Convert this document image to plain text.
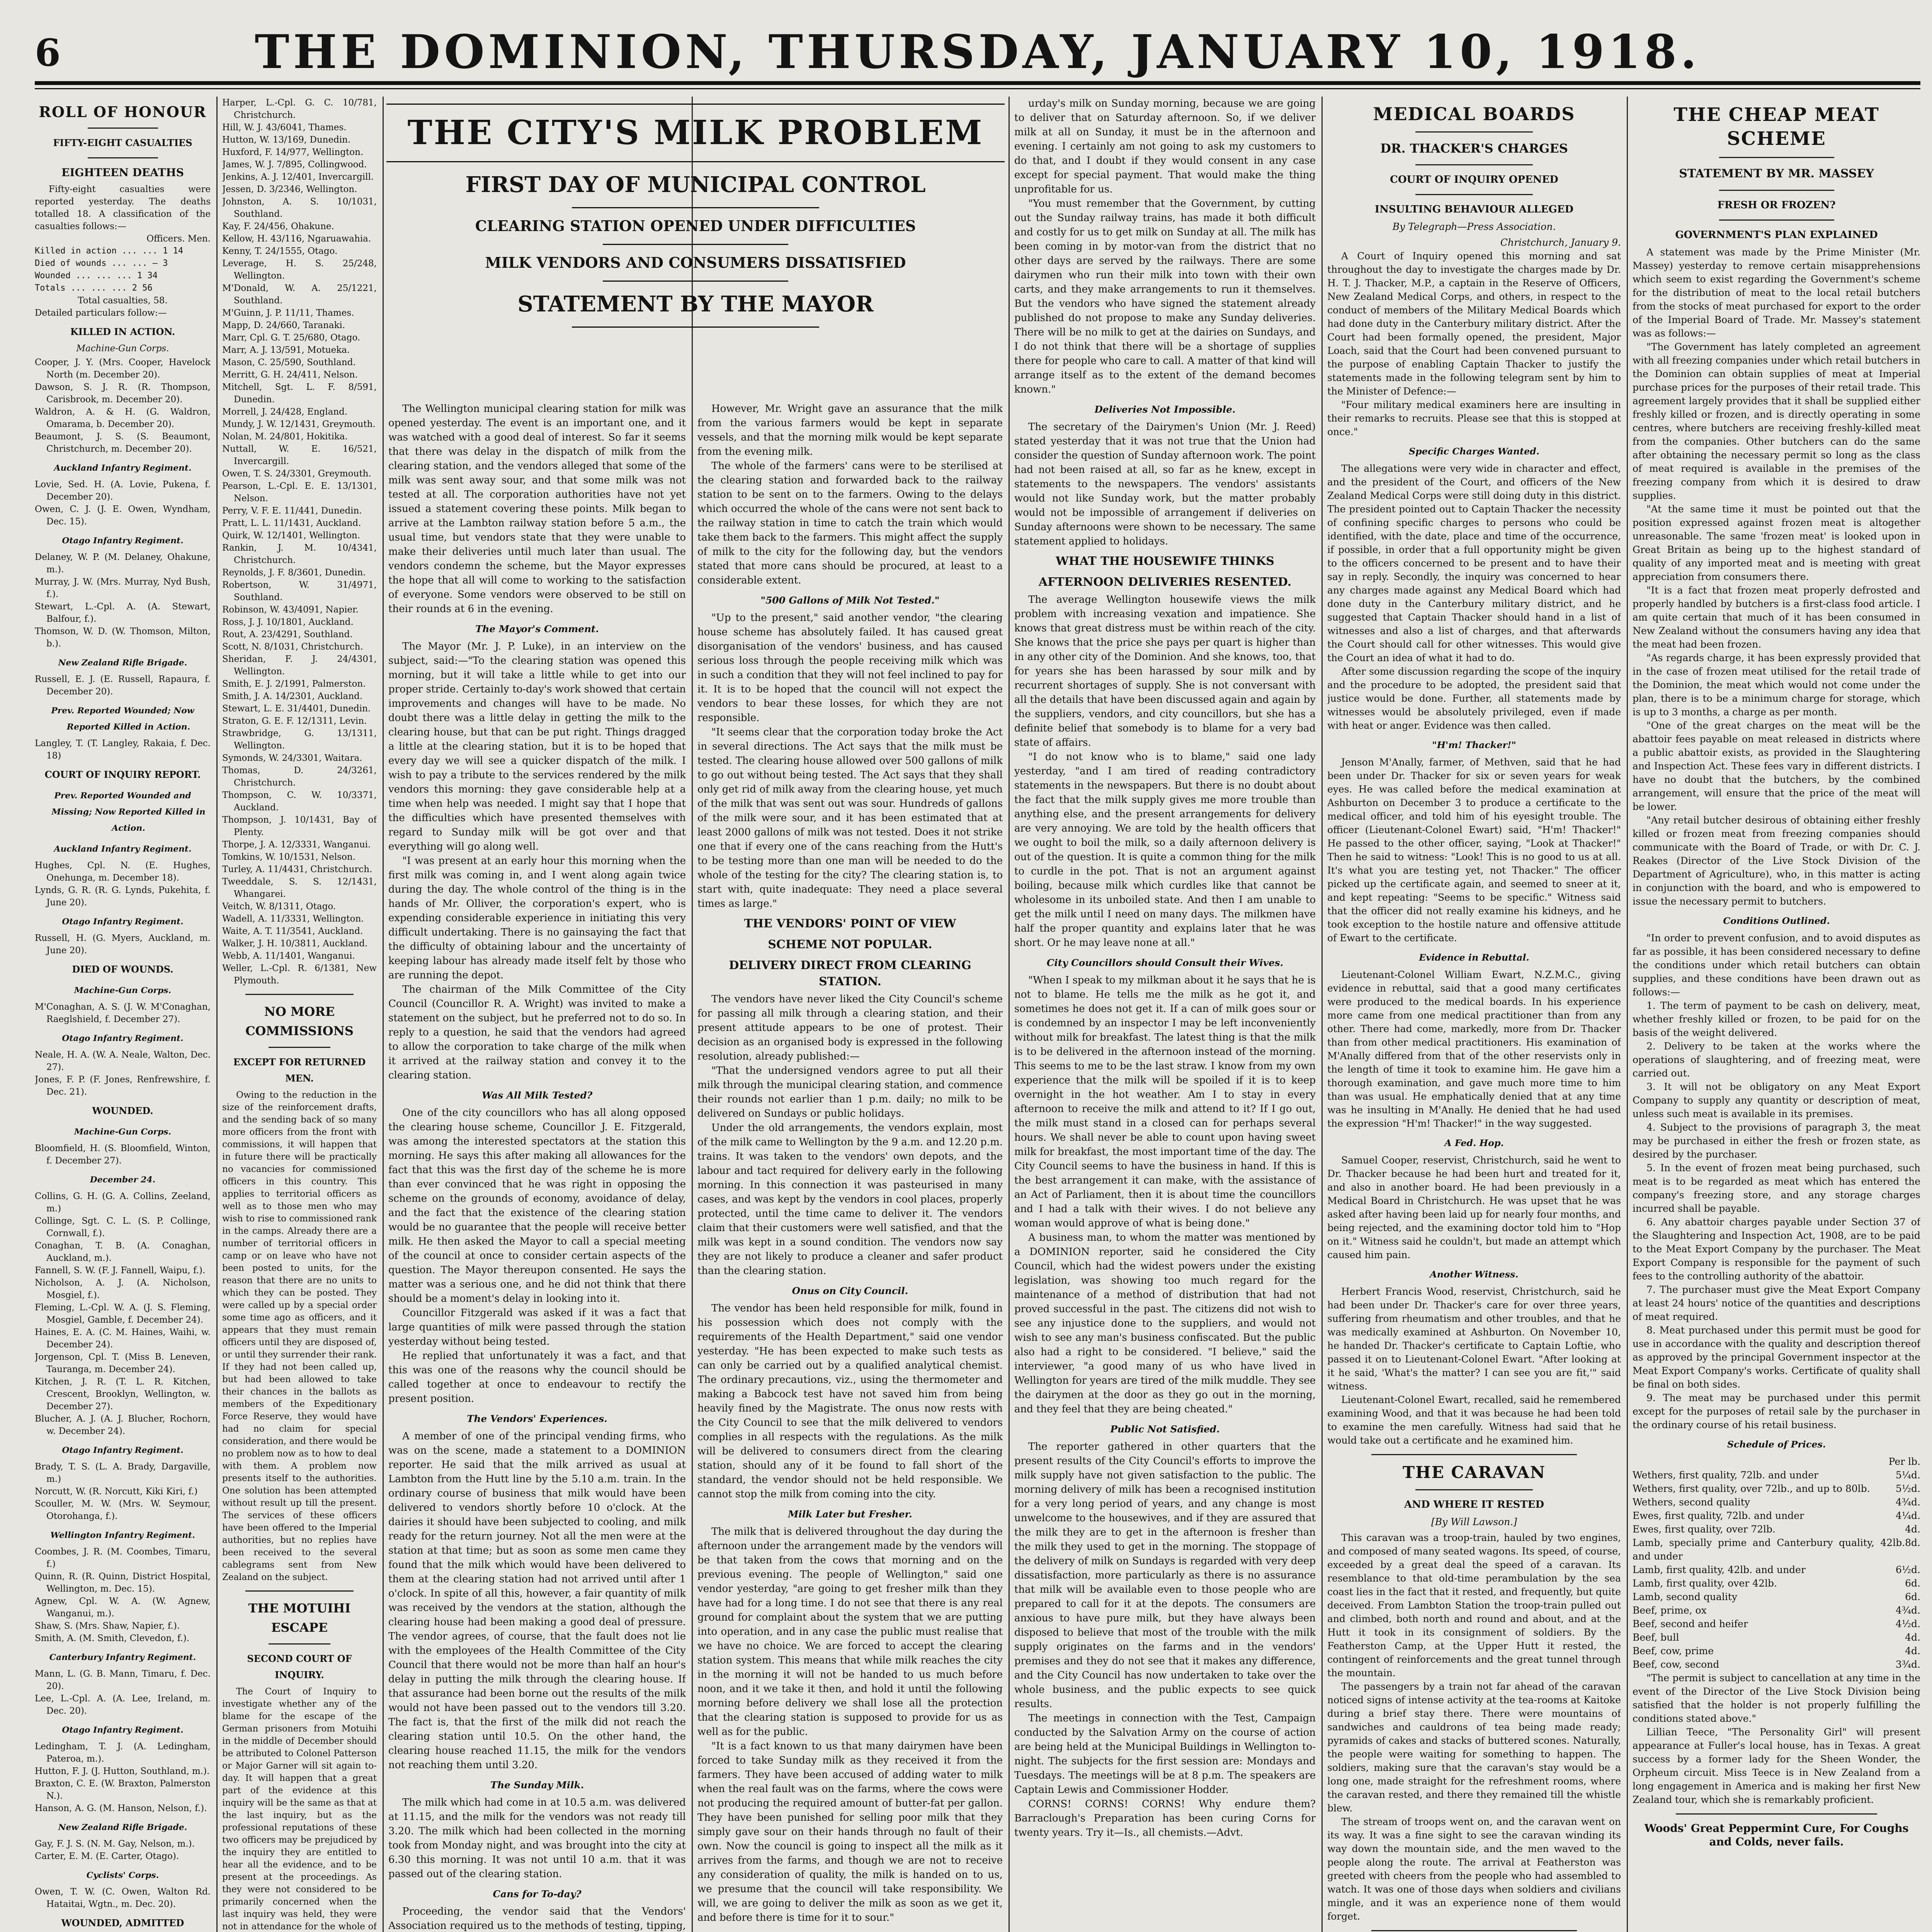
6	THE DOMINION, THURSDAY, JANUARY 10, 1918.
ROLL OF HONOUR
FIFTY-EIGHT CASUALTIES
EIGHTEEN DEATHS
Fifty-eight casualties were reported yesterday. The deaths totalled 18. A classification of the casualties follows:—
Officers. Men.
Killed in action ... ... 1 14
Died of wounds ... ... — 3
Wounded ... ... ... 1 34
Totals ... ... ... 2 56
Total casualties, 58.
Detailed particulars follow:—
KILLED IN ACTION.
Machine-Gun Corps.
Cooper, J. Y. (Mrs. Cooper, Havelock North (m. December 20).
Dawson, S. J. R. (R. Thompson, Carisbrook, m. December 20).
Waldron, A. & H. (G. Waldron, Omarama, b. December 20).
Beaumont, J. S. (S. Beaumont, Christchurch, m. December 20).
Auckland Infantry Regiment.
Lovie, Sed. H. (A. Lovie, Pukena, f. December 20).
Owen, C. J. (J. E. Owen, Wyndham, Dec. 15).
Otago Infantry Regiment.
Delaney, W. P. (M. Delaney, Ohakune, m.).
Murray, J. W. (Mrs. Murray, Nyd Bush, f.).
Stewart, L.-Cpl. A. (A. Stewart, Balfour, f.).
Thomson, W. D. (W. Thomson, Milton, b.).
New Zealand Rifle Brigade.
Russell, E. J. (E. Russell, Rapaura, f. December 20).
Prev. Reported Wounded; Now Reported Killed in Action.
Langley, T. (T. Langley, Rakaia, f. Dec. 18)
COURT OF INQUIRY REPORT.
Prev. Reported Wounded and Missing; Now Reported Killed in Action.
Auckland Infantry Regiment.
Hughes, Cpl. N. (E. Hughes, Onehunga, m. December 18).
Lynds, G. R. (R. G. Lynds, Pukehita, f. June 20).
Otago Infantry Regiment.
Russell, H. (G. Myers, Auckland, m. June 20).
DIED OF WOUNDS.
Machine-Gun Corps.
M'Conaghan, A. S. (J. W. M'Conaghan, Raeglshield, f. December 27).
Otago Infantry Regiment.
Neale, H. A. (W. A. Neale, Walton, Dec. 27).
Jones, F. P. (F. Jones, Renfrewshire, f. Dec. 21).
WOUNDED.
Machine-Gun Corps.
Bloomfield, H. (S. Bloomfield, Winton, f. December 27).
December 24.
Collins, G. H. (G. A. Collins, Zeeland, m.)
Collinge, Sgt. C. L. (S. P. Collinge, Cornwall, f.).
Conaghan, T. B. (A. Conaghan, Auckland, m.).
Fannell, S. W. (F. J. Fannell, Waipu, f.).
Nicholson, A. J. (A. Nicholson, Mosgiel, f.).
Fleming, L.-Cpl. W. A. (J. S. Fleming, Mosgiel, Gamble, f. December 24).
Haines, E. A. (C. M. Haines, Waihi, w. December 24).
Jorgenson, Cpl. T. (Miss B. Leneven, Tauranga, m. December 24).
Kitchen, J. R. (T. L. R. Kitchen, Crescent, Brooklyn, Wellington, w. December 27).
Blucher, A. J. (A. J. Blucher, Rochorn, w. December 24).
Otago Infantry Regiment.
Brady, T. S. (L. A. Brady, Dargaville, m.)
Norcutt, W. (R. Norcutt, Kiki Kiri, f.)
Scouller, M. W. (Mrs. W. Seymour, Otorohanga, f.).
Wellington Infantry Regiment.
Coombes, J. R. (M. Coombes, Timaru, f.)
Quinn, R. (R. Quinn, District Hospital, Wellington, m. Dec. 15).
Agnew, Cpl. W. A. (W. Agnew, Wanganui, m.).
Shaw, S. (Mrs. Shaw, Napier, f.).
Smith, A. (M. Smith, Clevedon, f.).
Canterbury Infantry Regiment.
Mann, L. (G. B. Mann, Timaru, f. Dec. 20).
Lee, L.-Cpl. A. (A. Lee, Ireland, m. Dec. 20).
Otago Infantry Regiment.
Ledingham, T. J. (A. Ledingham, Pateroa, m.).
Hutton, F. J. (J. Hutton, Southland, m.).
Braxton, C. E. (W. Braxton, Palmerston N.).
Hanson, A. G. (M. Hanson, Nelson, f.).
New Zealand Rifle Brigade.
Gay, F. J. S. (N. M. Gay, Nelson, m.).
Carter, E. M. (E. Carter, Otago).
Cyclists' Corps.
Owen, T. W. (C. Owen, Walton Rd. Hataitai, Wgtn., m. Dec. 20).
WOUNDED, ADMITTED
Harper, L.-Cpl. G. C. 10/781, Christchurch.
Hill, W. J. 43/6041, Thames.
Hutton, W. 13/169, Dunedin.
Huxford, F. 14/977, Wellington.
James, W. J. 7/895, Collingwood.
Jenkins, A. J. 12/401, Invercargill.
Jessen, D. 3/2346, Wellington.
Johnston, A. S. 10/1031, Southland.
Kay, F. 24/456, Ohakune.
Kellow, H. 43/116, Ngaruawahia.
Kenny, T. 24/1555, Otago.
Leverage, H. S. 25/248, Wellington.
M'Donald, W. A. 25/1221, Southland.
M'Guinn, J. P. 11/11, Thames.
Mapp, D. 24/660, Taranaki.
Marr, Cpl. G. T. 25/680, Otago.
Marr, A. J. 13/591, Motueka.
Mason, C. 25/590, Southland.
Merritt, G. H. 24/411, Nelson.
Mitchell, Sgt. L. F. 8/591, Dunedin.
Morrell, J. 24/428, England.
Mundy, J. W. 12/1431, Greymouth.
Nolan, M. 24/801, Hokitika.
Nuttall, W. E. 16/521, Invercargill.
Owen, T. S. 24/3301, Greymouth.
Pearson, L.-Cpl. E. E. 13/1301, Nelson.
Perry, V. F. E. 11/441, Dunedin.
Pratt, L. L. 11/1431, Auckland.
Quirk, W. 12/1401, Wellington.
Rankin, J. M. 10/4341, Christchurch.
Reynolds, J. F. 8/3601, Dunedin.
Robertson, W. 31/4971, Southland.
Robinson, W. 43/4091, Napier.
Ross, J. J. 10/1801, Auckland.
Rout, A. 23/4291, Southland.
Scott, N. 8/1031, Christchurch.
Sheridan, F. J. 24/4301, Wellington.
Smith, E. J. 2/1991, Palmerston.
Smith, J. A. 14/2301, Auckland.
Stewart, L. E. 31/4401, Dunedin.
Straton, G. E. F. 12/1311, Levin.
Strawbridge, G. 13/1311, Wellington.
Symonds, W. 24/3301, Waitara.
Thomas, D. 24/3261, Christchurch.
Thompson, C. W. 10/3371, Auckland.
Thompson, J. 10/1431, Bay of Plenty.
Thorpe, J. A. 12/3331, Wanganui.
Tomkins, W. 10/1531, Nelson.
Turley, A. 11/4431, Christchurch.
Tweeddale, S. S. 12/1431, Whangarei.
Veitch, W. 8/1311, Otago.
Wadell, A. 11/3331, Wellington.
Waite, A. T. 11/3541, Auckland.
Walker, J. H. 10/3811, Auckland.
Webb, A. 11/1401, Wanganui.
Weller, L.-Cpl. R. 6/1381, New Plymouth.
NO MORE COMMISSIONS
EXCEPT FOR RETURNED MEN.
Owing to the reduction in the size of the reinforcement drafts, and the sending back of so many more officers from the front with commissions, it will happen that in future there will be practically no vacancies for commissioned officers in this country. This applies to territorial officers as well as to those men who may wish to rise to commissioned rank in the camps. Already there are a number of territorial officers in camp or on leave who have not been posted to units, for the reason that there are no units to which they can be posted. They were called up by a special order some time ago as officers, and it appears that they must remain officers until they are disposed of, or until they surrender their rank. If they had not been called up, but had been allowed to take their chances in the ballots as members of the Expeditionary Force Reserve, they would have had no claim for special consideration, and there would be no problem now as to how to deal with them. A problem now presents itself to the authorities. One solution has been attempted without result up till the present. The services of these officers have been offered to the Imperial authorities, but no replies have been received to the several cablegrams sent from New Zealand on the subject.
THE MOTUIHI ESCAPE
SECOND COURT OF INQUIRY.
The Court of Inquiry to investigate whether any of the blame for the escape of the German prisoners from Motuihi in the middle of December should be attributed to Colonel Patterson or Major Garner will sit again to-day. It will happen that a great part of the evidence at this inquiry will be the same as that at the last inquiry, but as the professional reputations of these two officers may be prejudiced by the inquiry they are entitled to hear all the evidence, and to be present at the proceedings. As they were not considered to be primarily concerned when the last inquiry was held, they were not in attendance for the whole of
THE CITY'S MILK PROBLEM
FIRST DAY OF MUNICIPAL CONTROL
CLEARING STATION OPENED UNDER DIFFICULTIES
MILK VENDORS AND CONSUMERS DISSATISFIED
STATEMENT BY THE MAYOR
The Wellington municipal clearing station for milk was opened yesterday. The event is an important one, and it was watched with a good deal of interest. So far it seems that there was delay in the dispatch of milk from the clearing station, and the vendors alleged that some of the milk was sent away sour, and that some milk was not tested at all. The corporation authorities have not yet issued a statement covering these points. Milk began to arrive at the Lambton railway station before 5 a.m., the usual time, but vendors state that they were unable to make their deliveries until much later than usual. The vendors condemn the scheme, but the Mayor expresses the hope that all will come to working to the satisfaction of everyone. Some vendors were observed to be still on their rounds at 6 in the evening.
The Mayor's Comment.
The Mayor (Mr. J. P. Luke), in an interview on the subject, said:—"To the clearing station was opened this morning, but it will take a little while to get into our proper stride. Certainly to-day's work showed that certain improvements and changes will have to be made. No doubt there was a little delay in getting the milk to the clearing house, but that can be put right. Things dragged a little at the clearing station, but it is to be hoped that every day we will see a quicker dispatch of the milk. I wish to pay a tribute to the services rendered by the milk vendors this morning: they gave considerable help at a time when help was needed. I might say that I hope that the difficulties which have presented themselves with regard to Sunday milk will be got over and that everything will go along well.
"I was present at an early hour this morning when the first milk was coming in, and I went along again twice during the day. The whole control of the thing is in the hands of Mr. Olliver, the corporation's expert, who is expending considerable experience in initiating this very difficult undertaking. There is no gainsaying the fact that the difficulty of obtaining labour and the uncertainty of keeping labour has already made itself felt by those who are running the depot.
The chairman of the Milk Committee of the City Council (Councillor R. A. Wright) was invited to make a statement on the subject, but he preferred not to do so. In reply to a question, he said that the vendors had agreed to allow the corporation to take charge of the milk when it arrived at the railway station and convey it to the clearing station.
Was All Milk Tested?
One of the city councillors who has all along opposed the clearing house scheme, Councillor J. E. Fitzgerald, was among the interested spectators at the station this morning. He says this after making all allowances for the fact that this was the first day of the scheme he is more than ever convinced that he was right in opposing the scheme on the grounds of economy, avoidance of delay, and the fact that the existence of the clearing station would be no guarantee that the people will receive better milk. He then asked the Mayor to call a special meeting of the council at once to consider certain aspects of the question. The Mayor thereupon consented. He says the matter was a serious one, and he did not think that there should be a moment's delay in looking into it.
Councillor Fitzgerald was asked if it was a fact that large quantities of milk were passed through the station yesterday without being tested.
He replied that unfortunately it was a fact, and that this was one of the reasons why the council should be called together at once to endeavour to rectify the present position.
The Vendors' Experiences.
A member of one of the principal vending firms, who was on the scene, made a statement to a DOMINION reporter. He said that the milk arrived as usual at Lambton from the Hutt line by the 5.10 a.m. train. In the ordinary course of business that milk would have been delivered to vendors shortly before 10 o'clock. At the dairies it should have been subjected to cooling, and milk ready for the return journey. Not all the men were at the station at that time; but as soon as some men came they found that the milk which would have been delivered to them at the clearing station had not arrived until after 1 o'clock. In spite of all this, however, a fair quantity of milk was received by the vendors at the station, although the clearing house had been making a good deal of pressure. The vendor agrees, of course, that the fault does not lie with the employees of the Health Committee of the City Council that there would not be more than half an hour's delay in putting the milk through the clearing house. If that assurance had been borne out the results of the milk would not have been passed out to the vendors till 3.20. The fact is, that the first of the milk did not reach the clearing station until 10.5. On the other hand, the clearing house reached 11.15, the milk for the vendors not reaching them until 3.20.
The Sunday Milk.
The milk which had come in at 10.5 a.m. was delivered at 11.15, and the milk for the vendors was not ready till 3.20. The milk which had been collected in the morning took from Monday night, and was brought into the city at 6.30 this morning. It was not until 10 a.m. that it was passed out of the clearing station.
Cans for To-day?
Proceeding, the vendor said that the Vendors' Association required us to the methods of testing, tipping,
However, Mr. Wright gave an assurance that the milk from the various farmers would be kept in separate vessels, and that the morning milk would be kept separate from the evening milk.
The whole of the farmers' cans were to be sterilised at the clearing station and forwarded back to the railway station to be sent on to the farmers. Owing to the delays which occurred the whole of the cans were not sent back to the railway station in time to catch the train which would take them back to the farmers. This might affect the supply of milk to the city for the following day, but the vendors stated that more cans should be procured, at least to a considerable extent.
"500 Gallons of Milk Not Tested."
"Up to the present," said another vendor, "the clearing house scheme has absolutely failed. It has caused great disorganisation of the vendors' business, and has caused serious loss through the people receiving milk which was in such a condition that they will not feel inclined to pay for it. It is to be hoped that the council will not expect the vendors to bear these losses, for which they are not responsible.
"It seems clear that the corporation today broke the Act in several directions. The Act says that the milk must be tested. The clearing house allowed over 500 gallons of milk to go out without being tested. The Act says that they shall only get rid of milk away from the clearing house, yet much of the milk that was sent out was sour. Hundreds of gallons of the milk were sour, and it has been estimated that at least 2000 gallons of milk was not tested. Does it not strike one that if every one of the cans reaching from the Hutt's to be testing more than one man will be needed to do the whole of the testing for the city? The clearing station is, to start with, quite inadequate: They need a place several times as large."
THE VENDORS' POINT OF VIEW
SCHEME NOT POPULAR.
DELIVERY DIRECT FROM CLEARING STATION.
The vendors have never liked the City Council's scheme for passing all milk through a clearing station, and their present attitude appears to be one of protest. Their decision as an organised body is expressed in the following resolution, already published:—
"That the undersigned vendors agree to put all their milk through the municipal clearing station, and commence their rounds not earlier than 1 p.m. daily; no milk to be delivered on Sundays or public holidays.
Under the old arrangements, the vendors explain, most of the milk came to Wellington by the 9 a.m. and 12.20 p.m. trains. It was taken to the vendors' own depots, and the labour and tact required for delivery early in the following morning. In this connection it was pasteurised in many cases, and was kept by the vendors in cool places, properly protected, until the time came to deliver it. The vendors claim that their customers were well satisfied, and that the milk was kept in a sound condition. The vendors now say they are not likely to produce a cleaner and safer product than the clearing station.
Onus on City Council.
The vendor has been held responsible for milk, found in his possession which does not comply with the requirements of the Health Department," said one vendor yesterday. "He has been expected to make such tests as can only be carried out by a qualified analytical chemist. The ordinary precautions, viz., using the thermometer and making a Babcock test have not saved him from being heavily fined by the Magistrate. The onus now rests with the City Council to see that the milk delivered to vendors complies in all respects with the regulations. As the milk will be delivered to consumers direct from the clearing station, should any of it be found to fall short of the standard, the vendor should not be held responsible. We cannot stop the milk from coming into the city.
Milk Later but Fresher.
The milk that is delivered throughout the day during the afternoon under the arrangement made by the vendors will be that taken from the cows that morning and on the previous evening. The people of Wellington," said one vendor yesterday, "are going to get fresher milk than they have had for a long time. I do not see that there is any real ground for complaint about the system that we are putting into operation, and in any case the public must realise that we have no choice. We are forced to accept the clearing station system. This means that while milk reaches the city in the morning it will not be handed to us much before noon, and it we take it then, and hold it until the following morning before delivery we shall lose all the protection that the clearing station is supposed to provide for us as well as for the public.
"It is a fact known to us that many dairymen have been forced to take Sunday milk as they received it from the farmers. They have been accused of adding water to milk when the real fault was on the farms, where the cows were not producing the required amount of butter-fat per gallon. They have been punished for selling poor milk that they simply gave sour on their hands through no fault of their own. Now the council is going to inspect all the milk as it arrives from the farms, and though we are not to receive any consideration of quality, the milk is handed on to us, we presume that the council will take responsibility. We will, we are going to deliver the milk as soon as we get it, and before there is time for it to sour."
urday's milk on Sunday morning, because we are going to deliver that on Saturday afternoon. So, if we deliver milk at all on Sunday, it must be in the afternoon and evening. I certainly am not going to ask my customers to do that, and I doubt if they would consent in any case except for special payment. That would make the thing unprofitable for us.
"You must remember that the Government, by cutting out the Sunday railway trains, has made it both difficult and costly for us to get milk on Sunday at all. The milk has been coming in by motor-van from the district that no other days are served by the railways. There are some dairymen who run their milk into town with their own carts, and they make arrangements to run it themselves. But the vendors who have signed the statement already published do not propose to make any Sunday deliveries. There will be no milk to get at the dairies on Sundays, and I do not think that there will be a shortage of supplies there for people who care to call. A matter of that kind will arrange itself as to the extent of the demand becomes known."
Deliveries Not Impossible.
The secretary of the Dairymen's Union (Mr. J. Reed) stated yesterday that it was not true that the Union had consider the question of Sunday afternoon work. The point had not been raised at all, so far as he knew, except in statements to the newspapers. The vendors' assistants would not like Sunday work, but the matter probably would not be impossible of arrangement if deliveries on Sunday afternoons were shown to be necessary. The same statement applied to holidays.
WHAT THE HOUSEWIFE THINKS
AFTERNOON DELIVERIES RESENTED.
The average Wellington housewife views the milk problem with increasing vexation and impatience. She knows that great distress must be within reach of the city. She knows that the price she pays per quart is higher than in any other city of the Dominion. And she knows, too, that for years she has been harassed by sour milk and by recurrent shortages of supply. She is not conversant with all the details that have been discussed again and again by the suppliers, vendors, and city councillors, but she has a definite belief that somebody is to blame for a very bad state of affairs.
"I do not know who is to blame," said one lady yesterday, "and I am tired of reading contradictory statements in the newspapers. But there is no doubt about the fact that the milk supply gives me more trouble than anything else, and the present arrangements for delivery are very annoying. We are told by the health officers that we ought to boil the milk, so a daily afternoon delivery is out of the question. It is quite a common thing for the milk to curdle in the pot. That is not an argument against boiling, because milk which curdles like that cannot be wholesome in its unboiled state. And then I am unable to get the milk until I need on many days. The milkmen have half the proper quantity and explains later that he was short. Or he may leave none at all."
City Councillors should Consult their Wives.
"When I speak to my milkman about it he says that he is not to blame. He tells me the milk as he got it, and sometimes he does not get it. If a can of milk goes sour or is condemned by an inspector I may be left inconveniently without milk for breakfast. The latest thing is that the milk is to be delivered in the afternoon instead of the morning. This seems to me to be the last straw. I know from my own experience that the milk will be spoiled if it is to keep overnight in the hot weather. Am I to stay in every afternoon to receive the milk and attend to it? If I go out, the milk must stand in a closed can for perhaps several hours. We shall never be able to count upon having sweet milk for breakfast, the most important time of the day. The City Council seems to have the business in hand. If this is the best arrangement it can make, with the assistance of an Act of Parliament, then it is about time the councillors and I had a talk with their wives. I do not believe any woman would approve of what is being done."
A business man, to whom the matter was mentioned by a DOMINION reporter, said he considered the City Council, which had the widest powers under the existing legislation, was showing too much regard for the maintenance of a method of distribution that had not proved successful in the past. The citizens did not wish to see any injustice done to the suppliers, and would not wish to see any man's business confiscated. But the public also had a right to be considered. "I believe," said the interviewer, "a good many of us who have lived in Wellington for years are tired of the milk muddle. They see the dairymen at the door as they go out in the morning, and they feel that they are being cheated."
Public Not Satisfied.
The reporter gathered in other quarters that the present results of the City Council's efforts to improve the milk supply have not given satisfaction to the public. The morning delivery of milk has been a recognised institution for a very long period of years, and any change is most unwelcome to the housewives, and if they are assured that the milk they are to get in the afternoon is fresher than the milk they used to get in the morning. The stoppage of the delivery of milk on Sundays is regarded with very deep dissatisfaction, more particularly as there is no assurance that milk will be available even to those people who are prepared to call for it at the depots. The consumers are anxious to have pure milk, but they have always been disposed to believe that most of the trouble with the milk supply originates on the farms and in the vendors' premises and they do not see that it makes any difference, and the City Council has now undertaken to take over the whole business, and the public expects to see quick results.
The meetings in connection with the Test, Campaign conducted by the Salvation Army on the course of action are being held at the Municipal Buildings in Wellington to-night. The subjects for the first session are: Mondays and Tuesdays. The meetings will be at 8 p.m. The speakers are Captain Lewis and Commissioner Hodder.
CORNS! CORNS! CORNS! Why endure them? Barraclough's Preparation has been curing Corns for twenty years. Try it—Is., all chemists.—Advt.
MEDICAL BOARDS
DR. THACKER'S CHARGES
COURT OF INQUIRY OPENED
INSULTING BEHAVIOUR ALLEGED
By Telegraph—Press Association.
Christchurch, January 9.
A Court of Inquiry opened this morning and sat throughout the day to investigate the charges made by Dr. H. T. J. Thacker, M.P., a captain in the Reserve of Officers, New Zealand Medical Corps, and others, in respect to the conduct of members of the Military Medical Boards which had done duty in the Canterbury military district. After the Court had been formally opened, the president, Major Loach, said that the Court had been convened pursuant to the purpose of enabling Captain Thacker to justify the statements made in the following telegram sent by him to the Minister of Defence:—
"Four military medical examiners here are insulting in their remarks to recruits. Please see that this is stopped at once."
Specific Charges Wanted.
The allegations were very wide in character and effect, and the president of the Court, and officers of the New Zealand Medical Corps were still doing duty in this district. The president pointed out to Captain Thacker the necessity of confining specific charges to persons who could be identified, with the date, place and time of the occurrence, if possible, in order that a full opportunity might be given to the officers concerned to be present and to have their say in reply. Secondly, the inquiry was concerned to hear any charges made against any Medical Board which had done duty in the Canterbury military district, and he suggested that Captain Thacker should hand in a list of witnesses and also a list of charges, and that afterwards the Court should call for other witnesses. This would give the Court an idea of what it had to do.
After some discussion regarding the scope of the inquiry and the procedure to be adopted, the president said that justice would be done. Further, all statements made by witnesses would be absolutely privileged, even if made with heat or anger. Evidence was then called.
"H'm! Thacker!"
Jenson M'Anally, farmer, of Methven, said that he had been under Dr. Thacker for six or seven years for weak eyes. He was called before the medical examination at Ashburton on December 3 to produce a certificate to the medical officer, and told him of his eyesight trouble. The officer (Lieutenant-Colonel Ewart) said, "H'm! Thacker!" He passed to the other officer, saying, "Look at Thacker!" Then he said to witness: "Look! This is no good to us at all. It's what you are testing yet, not Thacker." The officer picked up the certificate again, and seemed to sneer at it, and kept repeating: "Seems to be specific." Witness said that the officer did not really examine his kidneys, and he took exception to the hostile nature and offensive attitude of Ewart to the certificate.
Evidence in Rebuttal.
Lieutenant-Colonel William Ewart, N.Z.M.C., giving evidence in rebuttal, said that a good many certificates were produced to the medical boards. In his experience more came from one medical practitioner than from any other. There had come, markedly, more from Dr. Thacker than from other medical practitioners. His examination of M'Anally differed from that of the other reservists only in the length of time it took to examine him. He gave him a thorough examination, and gave much more time to him than was usual. He emphatically denied that at any time was he insulting in M'Anally. He denied that he had used the expression "H'm! Thacker!" in the way suggested.
A Fed. Hop.
Samuel Cooper, reservist, Christchurch, said he went to Dr. Thacker because he had been hurt and treated for it, and also in another board. He had been previously in a Medical Board in Christchurch. He was upset that he was asked after having been laid up for nearly four months, and being rejected, and the examining doctor told him to "Hop on it." Witness said he couldn't, but made an attempt which caused him pain.
Another Witness.
Herbert Francis Wood, reservist, Christchurch, said he had been under Dr. Thacker's care for over three years, suffering from rheumatism and other troubles, and that he was medically examined at Ashburton. On November 10, he handed Dr. Thacker's certificate to Captain Loftie, who passed it on to Lieutenant-Colonel Ewart. "After looking at it he said, 'What's the matter? I can see you are fit,'" said witness.
Lieutenant-Colonel Ewart, recalled, said he remembered examining Wood, and that it was because he had been told to examine the men carefully. Witness had said that he would take out a certificate and he examined him.
THE CARAVAN
AND WHERE IT RESTED
[By Will Lawson.]
This caravan was a troop-train, hauled by two engines, and composed of many seated wagons. Its speed, of course, exceeded by a great deal the speed of a caravan. Its resemblance to that old-time perambulation by the sea coast lies in the fact that it rested, and frequently, but quite deceived. From Lambton Station the troop-train pulled out and climbed, both north and round and about, and at the Hutt it took in its consignment of soldiers. By the Featherston Camp, at the Upper Hutt it rested, the contingent of reinforcements and the great tunnel through the mountain.
The passengers by a train not far ahead of the caravan noticed signs of intense activity at the tea-rooms at Kaitoke during a brief stay there. There were mountains of sandwiches and cauldrons of tea being made ready; pyramids of cakes and stacks of buttered scones. Naturally, the people were waiting for something to happen. The soldiers, making sure that the caravan's stay would be a long one, made straight for the refreshment rooms, where the caravan rested, and there they remained till the whistle blew.
The stream of troops went on, and the caravan went on its way. It was a fine sight to see the caravan winding its way down the mountain side, and the men waved to the people along the route. The arrival at Featherston was greeted with cheers from the people who had assembled to watch. It was one of those days when soldiers and civilians mingle, and it was an experience none of them would forget.
THE CHEAP MEAT SCHEME
STATEMENT BY MR. MASSEY
FRESH OR FROZEN?
GOVERNMENT'S PLAN EXPLAINED
A statement was made by the Prime Minister (Mr. Massey) yesterday to remove certain misapprehensions which seem to exist regarding the Government's scheme for the distribution of meat to the local retail butchers from the stocks of meat purchased for export to the order of the Imperial Board of Trade. Mr. Massey's statement was as follows:—
"The Government has lately completed an agreement with all freezing companies under which retail butchers in the Dominion can obtain supplies of meat at Imperial purchase prices for the purposes of their retail trade. This agreement largely provides that it shall be supplied either freshly killed or frozen, and is directly operating in some centres, where butchers are receiving freshly-killed meat from the companies. Other butchers can do the same after obtaining the necessary permit so long as the class of meat required is available in the premises of the freezing company from which it is desired to draw supplies.
"At the same time it must be pointed out that the position expressed against frozen meat is altogether unreasonable. The same 'frozen meat' is looked upon in Great Britain as being up to the highest standard of quality of any imported meat and is meeting with great appreciation from consumers there.
"It is a fact that frozen meat properly defrosted and properly handled by butchers is a first-class food article. I am quite certain that much of it has been consumed in New Zealand without the consumers having any idea that the meat had been frozen.
"As regards charge, it has been expressly provided that in the case of frozen meat utilised for the retail trade of the Dominion, the meat which would not come under the plan, there is to be a minimum charge for storage, which is up to 3 months, a charge as per month.
"One of the great charges on the meat will be the abattoir fees payable on meat released in districts where a public abattoir exists, as provided in the Slaughtering and Inspection Act. These fees vary in different districts. I have no doubt that the butchers, by the combined arrangement, will ensure that the price of the meat will be lower.
"Any retail butcher desirous of obtaining either freshly killed or frozen meat from freezing companies should communicate with the Board of Trade, or with Dr. C. J. Reakes (Director of the Live Stock Division of the Department of Agriculture), who, in this matter is acting in conjunction with the board, and who is empowered to issue the necessary permit to butchers.
Conditions Outlined.
"In order to prevent confusion, and to avoid disputes as far as possible, it has been considered necessary to define the conditions under which retail butchers can obtain supplies, and these conditions have been drawn out as follows:—
1. The term of payment to be cash on delivery, meat, whether freshly killed or frozen, to be paid for on the basis of the weight delivered.
2. Delivery to be taken at the works where the operations of slaughtering, and of freezing meat, were carried out.
3. It will not be obligatory on any Meat Export Company to supply any quantity or description of meat, unless such meat is available in its premises.
4. Subject to the provisions of paragraph 3, the meat may be purchased in either the fresh or frozen state, as desired by the purchaser.
5. In the event of frozen meat being purchased, such meat is to be regarded as meat which has entered the company's freezing store, and any storage charges incurred shall be payable.
6. Any abattoir charges payable under Section 37 of the Slaughtering and Inspection Act, 1908, are to be paid to the Meat Export Company by the purchaser. The Meat Export Company is responsible for the payment of such fees to the controlling authority of the abattoir.
7. The purchaser must give the Meat Export Company at least 24 hours' notice of the quantities and descriptions of meat required.
8. Meat purchased under this permit must be good for use in accordance with the quality and description thereof as approved by the principal Government inspector at the Meat Export Company's works. Certificate of quality shall be final on both sides.
9. The meat may be purchased under this permit except for the purposes of retail sale by the purchaser in the ordinary course of his retail business.
Schedule of Prices.
Per lb.
Wethers, first quality, 72lb. and under	5¼d.
Wethers, first quality, over 72lb., and up to 80lb.	5½d.
Wethers, second quality	4¾d.
Ewes, first quality, 72lb. and under	4¼d.
Ewes, first quality, over 72lb.	4d.
Lamb, specially prime and Canterbury quality, 42lb. and under
8d.
Lamb, first quality, 42lb. and under	6½d.
Lamb, first quality, over 42lb.	6d.
Lamb, second quality	6d.
Beef, prime, ox	4¾d.
Beef, second and heifer	4½d.
Beef, bull	4d.
Beef, cow, prime	4d.
Beef, cow, second	3¾d.
"The permit is subject to cancellation at any time in the event of the Director of the Live Stock Division being satisfied that the holder is not properly fulfilling the conditions stated above."
Lillian Teece, "The Personality Girl" will present appearance at Fuller's local house, has in Texas. A great success by a former lady for the Sheen Wonder, the Orpheum circuit. Miss Teece is in New Zealand from a long engagement in America and is making her first New Zealand tour, which she is remarkably proficient.
Woods' Great Peppermint Cure, For Coughs and Colds, never fails.
